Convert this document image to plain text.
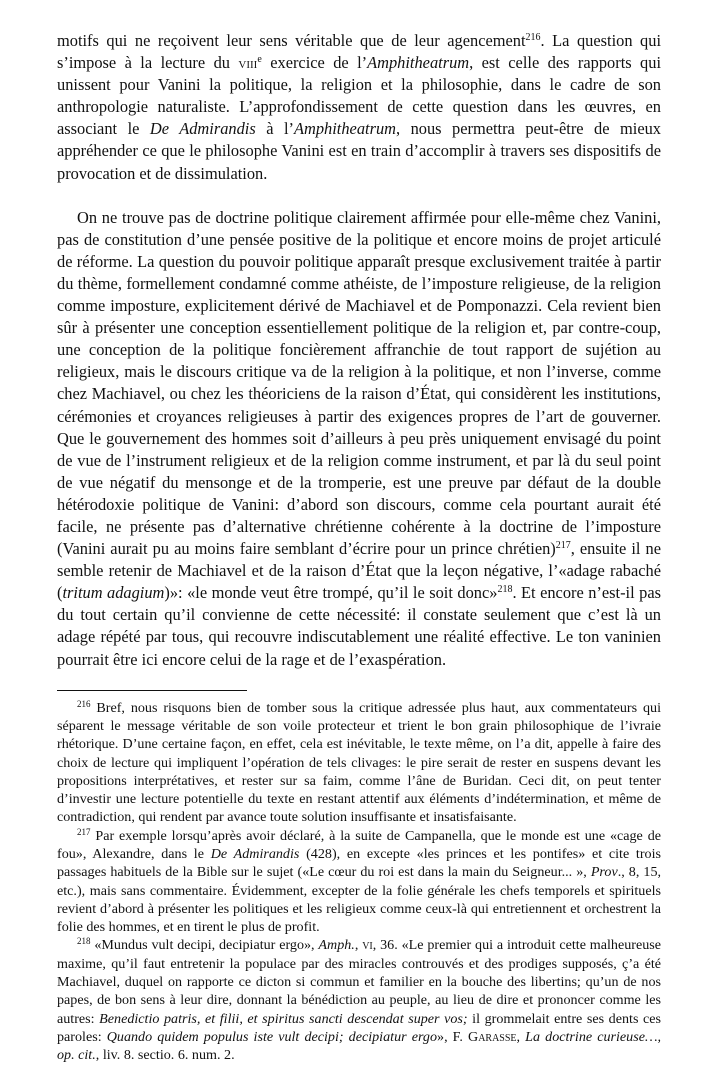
motifs qui ne reçoivent leur sens véritable que de leur agencement$^{216}$. La question qui s’impose à la lecture du viii$^e$ exercice de l’Amphitheatrum, est celle des rapports qui unissent pour Vanini la politique, la religion et la philosophie, dans le cadre de son anthropologie naturaliste. L’approfondissement de cette question dans les œuvres, en associant le De Admirandis à l’Amphitheatrum, nous permettra peut-être de mieux appréhender ce que le philosophe Vanini est en train d’accomplir à travers ses dispositifs de provocation et de dissimulation.

On ne trouve pas de doctrine politique clairement affirmée pour elle-même chez Vanini, pas de constitution d’une pensée positive de la politique et encore moins de projet articulé de réforme. La question du pouvoir politique apparaît presque exclusivement traitée à partir du thème, formellement condamné comme athéiste, de l’imposture religieuse, de la religion comme imposture, explicitement dérivé de Machiavel et de Pomponazzi. Cela revient bien sûr à présenter une conception essentiellement politique de la religion et, par contre-coup, une conception de la politique foncièrement affranchie de tout rapport de sujétion au religieux, mais le discours critique va de la religion à la politique, et non l’inverse, comme chez Machiavel, ou chez les théoriciens de la raison d’État, qui considèrent les institutions, cérémonies et croyances religieuses à partir des exigences propres de l’art de gouverner. Que le gouvernement des hommes soit d’ailleurs à peu près uniquement envisagé du point de vue de l’instrument religieux et de la religion comme instrument, et par là du seul point de vue négatif du mensonge et de la tromperie, est une preuve par défaut de la double hétérodoxie politique de Vanini: d’abord son discours, comme cela pourtant aurait été facile, ne présente pas d’alternative chrétienne cohérente à la doctrine de l’imposture (Vanini aurait pu au moins faire semblant d’écrire pour un prince chrétien)$^{217}$, ensuite il ne semble retenir de Machiavel et de la raison d’État que la leçon négative, l’«adage rabaché (tritum adagium)»: «le monde veut être trompé, qu’il le soit donc»$^{218}$. Et encore n’est-il pas du tout certain qu’il convienne de cette nécessité: il constate seulement que c’est là un adage répété par tous, qui recouvre indiscutablement une réalité effective. Le ton vaninien pourrait être ici encore celui de la rage et de l’exaspération.

$^{216}$ Bref, nous risquons bien de tomber sous la critique adressée plus haut, aux commentateurs qui séparent le message véritable de son voile protecteur et trient le bon grain philosophique de l’ivraie rhétorique. D’une certaine façon, en effet, cela est inévitable, le texte même, on l’a dit, appelle à faire des choix de lecture qui impliquent l’opération de tels clivages: le pire serait de rester en suspens devant les propositions interprétatives, et rester sur sa faim, comme l’âne de Buridan. Ceci dit, on peut tenter d’investir une lecture potentielle du texte en restant attentif aux éléments d’indétermination, et même de contradiction, qui rendent par avance toute solution insuffisante et insatisfaisante.

$^{217}$ Par exemple lorsqu’après avoir déclaré, à la suite de Campanella, que le monde est une «cage de fou», Alexandre, dans le De Admirandis (428), en excepte «les princes et les pontifes» et cite trois passages habituels de la Bible sur le sujet («Le cœur du roi est dans la main du Seigneur... », Prov., 8, 15, etc.), mais sans commentaire. Évidemment, excepter de la folie générale les chefs temporels et spirituels revient d’abord à présenter les politiques et les religieux comme ceux-là qui entretiennent et orchestrent la folie des hommes, et en tirent le plus de profit.

$^{218}$ «Mundus vult decipi, decipiatur ergo», Amph., vi, 36. «Le premier qui a introduit cette malheureuse maxime, qu’il faut entretenir la populace par des miracles controuvés et des prodiges supposés, ç’a été Machiavel, duquel on rapporte ce dicton si commun et familier en la bouche des libertins; qu’un de nos papes, de bon sens à leur dire, donnant la bénédiction au peuple, au lieu de dire et prononcer comme les autres: Benedictio patris, et filii, et spiritus sancti descendat super vos; il grommelait entre ses dents ces paroles: Quando quidem populus iste vult decipi; decipiatur ergo», F. Garasse, La doctrine curieuse…, op. cit., liv. 8. sectio. 6. num. 2.
